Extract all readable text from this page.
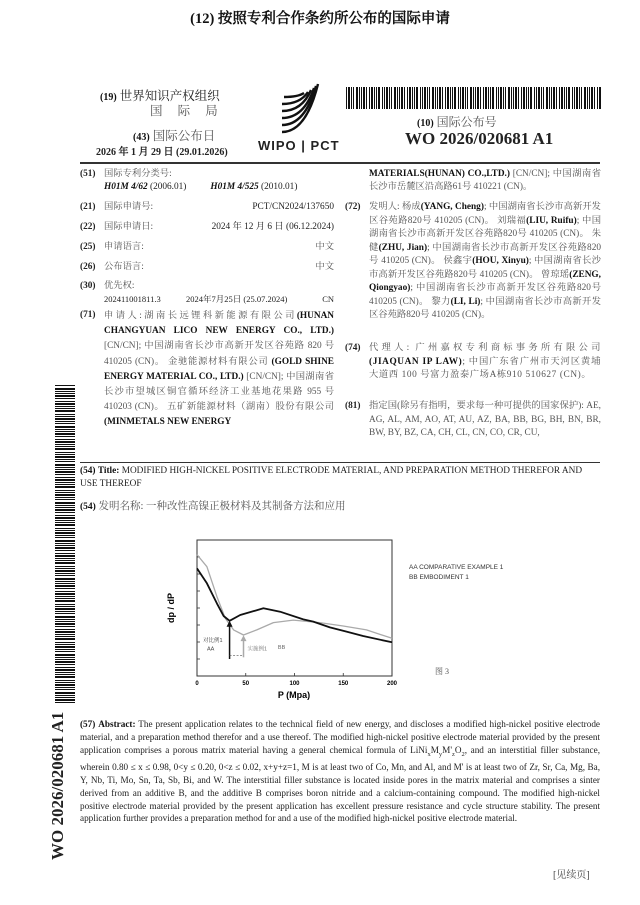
(12) 按照专利合作条约所公布的国际申请
(19) 世界知识产权组织
国 际 局
(43) 国际公布日
2026 年 1 月 29 日 (29.01.2026) WIPO | PCT
(10) 国际公布号
WO 2026/020681 A1
(51) 国际专利分类号:
H01M 4/62 (2006.01)	H01M 4/525 (2010.01)
(21) 国际申请号:	PCT/CN2024/137650
(22) 国际申请日:	2024 年 12 月 6 日 (06.12.2024)
(25) 申请语言:	中文
(26) 公布语言:	中文
(30) 优先权:
202411001811.3	2024年7月25日 (25.07.2024)	CN
(71) 申请人:湖南长远锂科新能源有限公司(HUNAN CHANGYUAN LICO NEW ENERGY CO., LTD.) [CN/CN]; 中国湖南省长沙市高新开发区谷苑路 820 号 410205 (CN)。 金驰能源材料有限公司 (GOLD SHINE ENERGY MATERIAL CO., LTD.) [CN/CN]; 中国湖南省长沙市望城区铜官循环经济工业基地花果路 955 号 410203 (CN)。 五矿新能源材料（湖南）股份有限公司 (MINMETALS NEW ENERGY
MATERIALS(HUNAN) CO.,LTD.) [CN/CN]; 中国湖南省长沙市岳麓区沿高路61号 410221 (CN)。
(72) 发明人: 杨成(YANG, Cheng); 中国湖南省长沙市高新开发区谷苑路820号 410205 (CN)。 刘瑞福(LIU, Ruifu); 中国湖南省长沙市高新开发区谷苑路820号 410205 (CN)。 朱健(ZHU, Jian); 中国湖南省长沙市高新开发区谷苑路820号 410205 (CN)。 侯鑫宇(HOU, Xinyu); 中国湖南省长沙市高新开发区谷苑路820号 410205 (CN)。 曾琼瑶(ZENG, Qiongyao); 中国湖南省长沙市高新开发区谷苑路820号 410205 (CN)。 黎力(LI, Li); 中国湖南省长沙市高新开发区谷苑路820号 410205 (CN)。
(74) 代理人: 广州嘉权专利商标事务所有限公司 (JIAQUAN IP LAW); 中国广东省广州市天河区黄埔大道西 100 号富力盈泰广场A栋910 510627 (CN)。
(81) 指定国(除另有指明，要求每一种可提供的国家保护): AE, AG, AL, AM, AO, AT, AU, AZ, BA, BB, BG, BH, BN, BR, BW, BY, BZ, CA, CH, CL, CN, CO, CR, CU,
(54) Title: MODIFIED HIGH-NICKEL POSITIVE ELECTRODE MATERIAL, AND PREPARATION METHOD THEREFOR AND USE THEREOF
(54) 发明名称: 一种改性高镍正极材料及其制备方法和应用
0	50	100	150	200
对比例1
AA	实施例1 BB
dp / dP
P (Mpa)
AA COMPARATIVE EXAMPLE 1
BB EMBODIMENT 1
图 3
(57) Abstract: The present application relates to the technical field of new energy, and discloses a modified high-nickel positive electrode material, and a preparation method therefor and a use thereof. The modified high-nickel positive electrode material provided by the present application comprises a porous matrix material having a general chemical formula of $LiNi_xM_yM'_zO_2$, and an interstitial filler substance, wherein 0.80 ≤ x ≤ 0.98, 0<y ≤ 0.20, 0<z ≤ 0.02, x+y+z=1, M is at least two of Co, Mn, and Al, and M' is at least two of Zr, Sr, Ca, Mg, Ba, Y, Nb, Ti, Mo, Sn, Ta, Sb, Bi, and W. The interstitial filler substance is located inside pores in the matrix material and comprises a sinter derived from an additive B, and the additive B comprises boron nitride and a calcium-containing compound. The modified high-nickel positive electrode material provided by the present application has excellent pressure resistance and cycle structure stability. The present application further provides a preparation method for and a use of the modified high-nickel positive electrode material.
WO 2026/020681 A1
[见续页]
